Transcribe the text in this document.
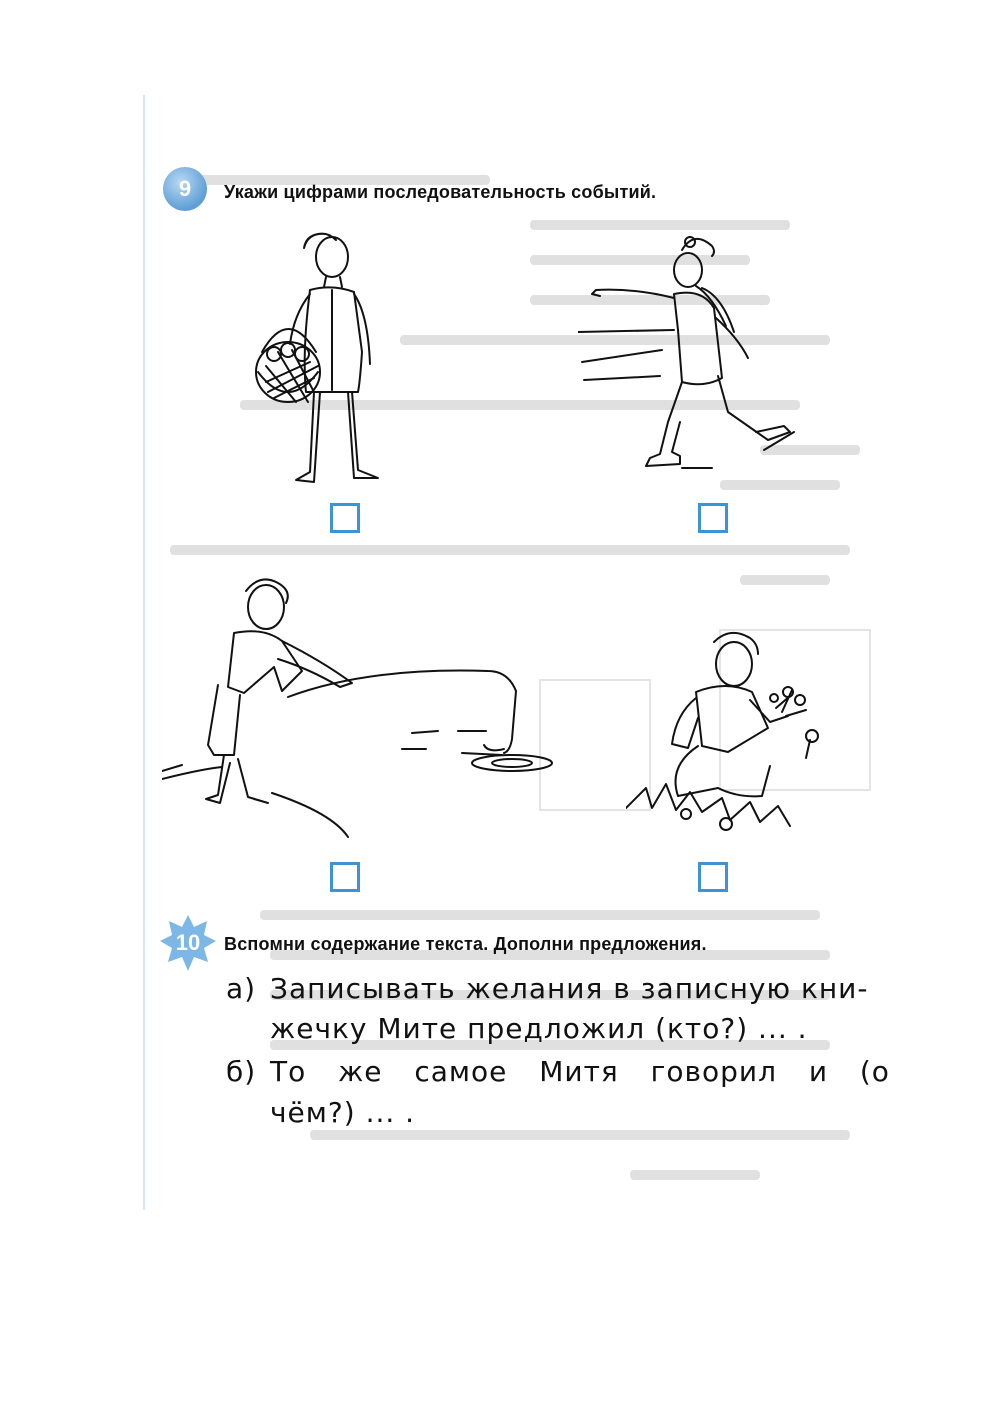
9 Укажи цифрами последовательность событий.
10	Вспомни содержание текста. Дополни предложения.
а) Записывать желания в записную кни-
жечку Мите предложил (кто?) ... .
б) То же самое Митя говорил и (о
чём?) ... .
